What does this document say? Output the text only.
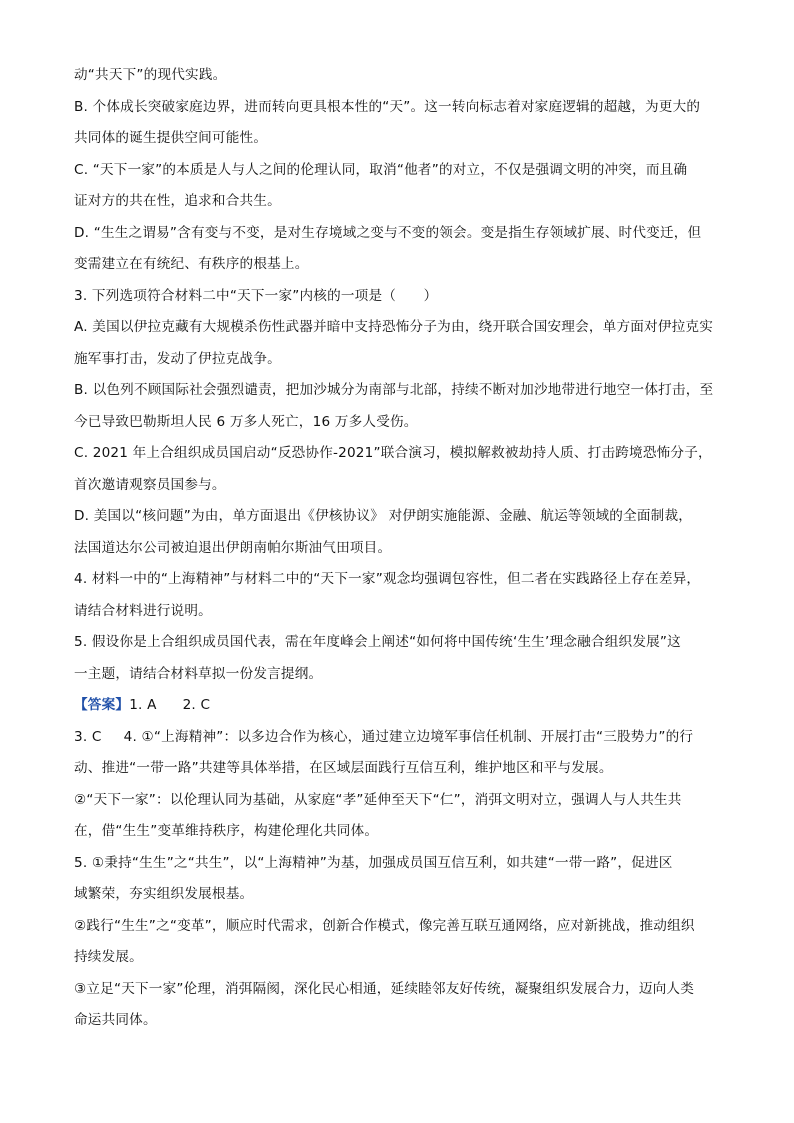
动“共天下”的现代实践。
B. 个体成长突破家庭边界，进而转向更具根本性的“天”。这一转向标志着对家庭逻辑的超越，为更大的
共同体的诞生提供空间可能性。
C. “天下一家”的本质是人与人之间的伦理认同，取消“他者”的对立，不仅是强调文明的冲突，而且确
证对方的共在性，追求和合共生。
D. “生生之谓易”含有变与不变，是对生存境域之变与不变的领会。变是指生存领域扩展、时代变迁，但
变需建立在有统纪、有秩序的根基上。
3. 下列选项符合材料二中“天下一家”内核的一项是（　　）
A. 美国以伊拉克藏有大规模杀伤性武器并暗中支持恐怖分子为由，绕开联合国安理会，单方面对伊拉克实
施军事打击，发动了伊拉克战争。
B. 以色列不顾国际社会强烈谴责，把加沙城分为南部与北部，持续不断对加沙地带进行地空一体打击，至
今已导致巴勒斯坦人民 6 万多人死亡，16 万多人受伤。
C. 2021 年上合组织成员国启动“反恐协作-2021”联合演习，模拟解救被劫持人质、打击跨境恐怖分子，
首次邀请观察员国参与。
D. 美国以“核问题”为由，单方面退出《伊核协议》 对伊朗实施能源、金融、航运等领域的全面制裁，
法国道达尔公司被迫退出伊朗南帕尔斯油气田项目。
4. 材料一中的“上海精神”与材料二中的“天下一家”观念均强调包容性，但二者在实践路径上存在差异，
请结合材料进行说明。
5. 假设你是上合组织成员国代表，需在年度峰会上阐述“如何将中国传统‘生生’理念融合组织发展”这
一主题，请结合材料草拟一份发言提纲。
【答案】1. A 2. C
3. C 4. ①“上海精神”：以多边合作为核心，通过建立边境军事信任机制、开展打击“三股势力”的行
动、推进“一带一路”共建等具体举措，在区域层面践行互信互利，维护地区和平与发展。
②“天下一家”：以伦理认同为基础，从家庭“孝”延伸至天下“仁”，消弭文明对立，强调人与人共生共
在，借“生生”变革维持秩序，构建伦理化共同体。
5. ①秉持“生生”之“共生”，以“上海精神”为基，加强成员国互信互利，如共建“一带一路”，促进区
域繁荣，夯实组织发展根基。
②践行“生生”之“变革”，顺应时代需求，创新合作模式，像完善互联互通网络，应对新挑战，推动组织
持续发展。
③立足“天下一家”伦理，消弭隔阂，深化民心相通，延续睦邻友好传统，凝聚组织发展合力，迈向人类
命运共同体。
